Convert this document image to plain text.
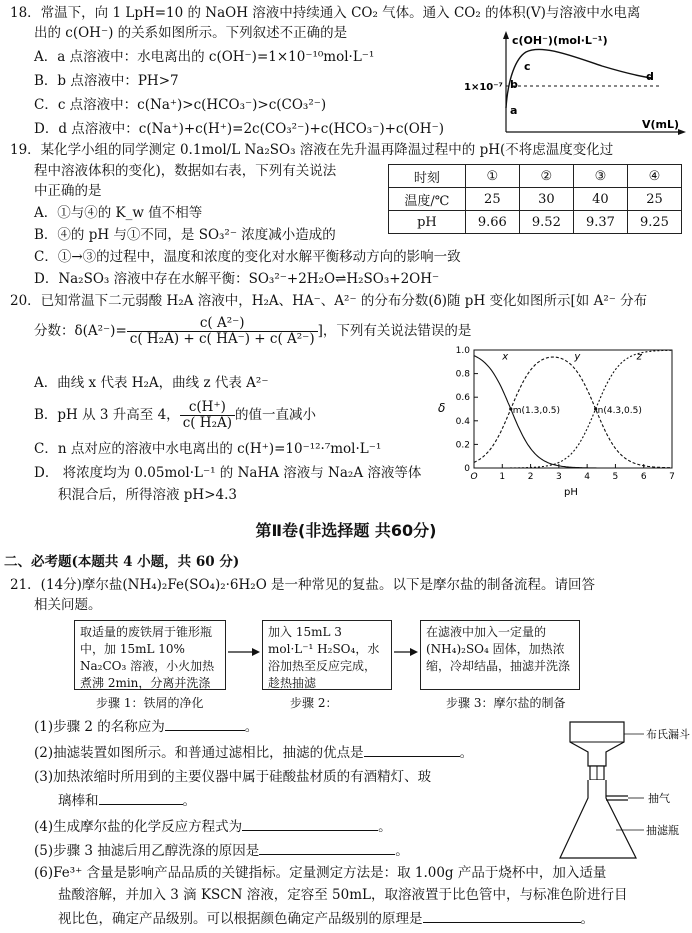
18．常温下，向 1 LpH=10 的 NaOH 溶液中持续通入 CO₂ 气体。通入 CO₂ 的体积(V)与溶液中水电离
出的 c(OH⁻) 的关系如图所示。下列叙述不正确的是
A．a 点溶液中：水电离出的 c(OH⁻)=1×10⁻¹⁰mol·L⁻¹
B．b 点溶液中：PH>7
C．c 点溶液中：c(Na⁺)>c(HCO₃⁻)>c(CO₃²⁻)
D．d 点溶液中：c(Na⁺)+c(H⁺)=2c(CO₃²⁻)+c(HCO₃⁻)+c(OH⁻)
c(OH⁻)(mol·L⁻¹)
V(mL)
1×10⁻⁷
a
b
c
d
19．某化学小组的同学测定 0.1mol/L Na₂SO₃ 溶液在先升温再降温过程中的 pH(不将虑温度变化过
程中溶液体积的变化)，数据如右表，下列有关说法
中正确的是
A．①与④的 K_w 值不相等
B．④的 pH 与①不同，是 SO₃²⁻ 浓度减小造成的
C．①→③的过程中，温度和浓度的变化对水解平衡移动方向的影响一致
D．Na₂SO₃ 溶液中存在水解平衡：SO₃²⁻+2H₂O⇌H₂SO₃+2OH⁻
时刻	①	②	③	④
温度/℃	25	30	40	25
pH	9.66	9.52	9.37	9.25
20．已知常温下二元弱酸 H₂A 溶液中，H₂A、HA⁻、A²⁻ 的分布分数(δ)随 pH 变化如图所示[如 A²⁻ 分布
分数：$\delta(A^{2-})= \frac{\text{c( A²⁻)}}{\text{c( H₂A) + c( HA⁻) + c( A²⁻)}}$ ]，下列有关说法错误的是
A．曲线 x 代表 H₂A，曲线 z 代表 A²⁻
B．pH 从 3 升高至 4， $\frac{c(H^+)}{\text{c( H₂A)}}$ 的值一直减小
C．n 点对应的溶液中水电离出的 c(H⁺)=10⁻¹²·⁷mol·L⁻¹
D． 将浓度均为 0.05mol·L⁻¹ 的 NaHA 溶液与 Na₂A 溶液等体
积混合后，所得溶液 pH>4.3
δ
pH
0
0.2
0.4
0.6
0.8
1.0
O 1	2	3	4	5	6	7
x	y	z
m(1.3,0.5)	n(4.3,0.5)
第Ⅱ卷(非选择题 共60分)
二、必考题(本题共 4 小题，共 60 分)
21．(14分)摩尔盐(NH₄)₂Fe(SO₄)₂·6H₂O 是一种常见的复盐。以下是摩尔盐的制备流程。请回答
相关问题。
取适量的废铁屑于锥形瓶中，加 15mL 10% Na₂CO₃ 溶液，小火加热煮沸 2min，分离并洗涤
加入 15mL 3 mol·L⁻¹ H₂SO₄，水浴加热至反应完成，趁热抽滤
在滤液中加入一定量的(NH₄)₂SO₄ 固体，加热浓缩，冷却结晶，抽滤并洗涤
步骤 1：铁屑的净化	步骤 2：	步骤 3：摩尔盐的制备
(1)步骤 2 的名称应为	。
(2)抽滤装置如图所示。和普通过滤相比，抽滤的优点是	。
(3)加热浓缩时所用到的主要仪器中属于硅酸盐材质的有酒精灯、玻
璃棒和	。
(4)生成摩尔盐的化学反应方程式为	。
(5)步骤 3 抽滤后用乙醇洗涤的原因是	。
(6)Fe³⁺ 含量是影响产品品质的关键指标。定量测定方法是：取 1.00g 产品于烧杯中，加入适量
盐酸溶解，并加入 3 滴 KSCN 溶液，定容至 50mL，取溶液置于比色管中，与标准色阶进行目
视比色，确定产品级别。可以根据颜色确定产品级别的原理是	。
布氏漏斗
抽气
抽滤瓶
